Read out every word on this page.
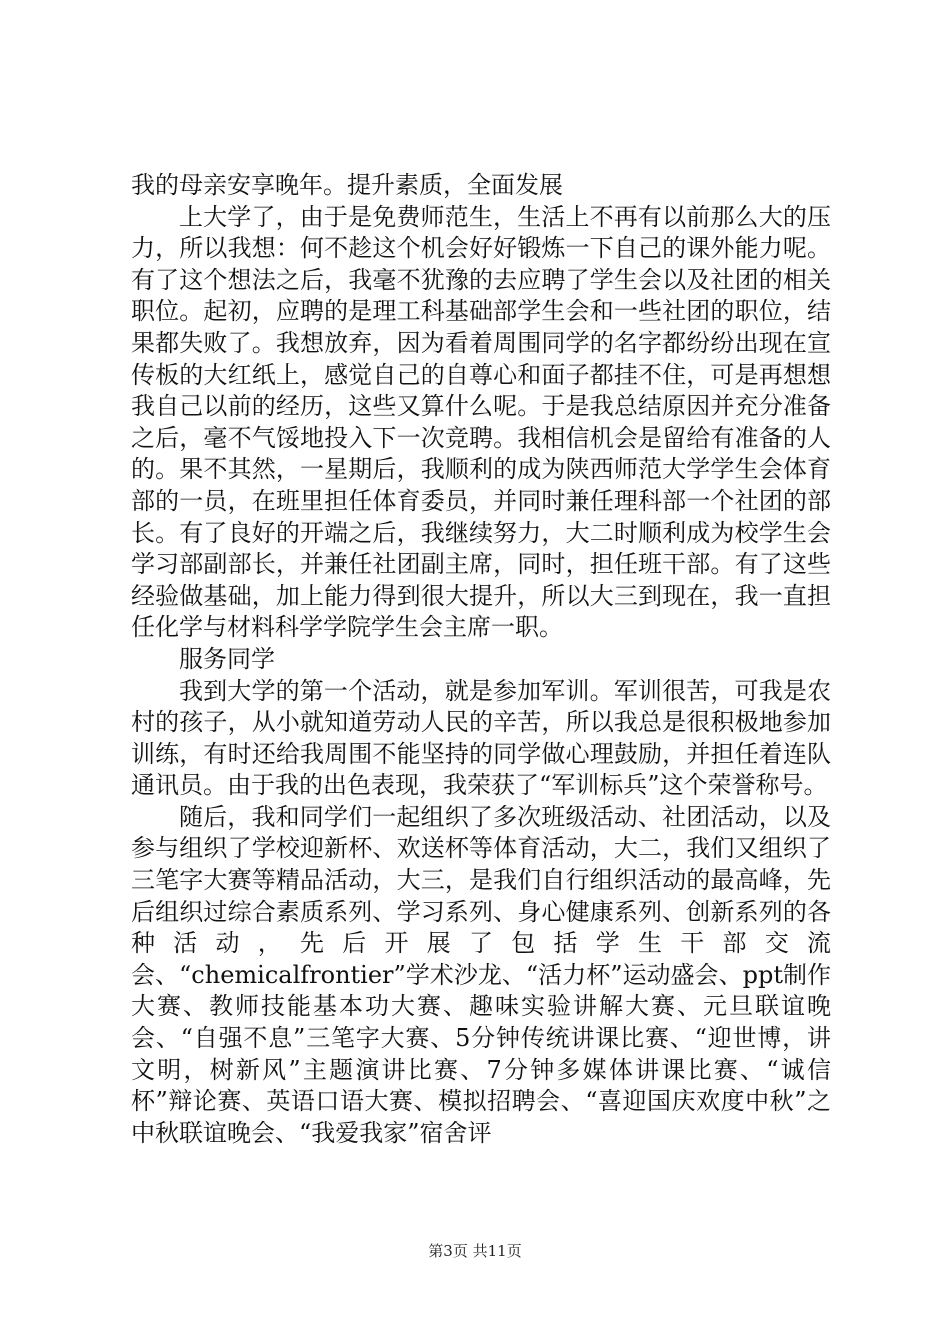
我的母亲安享晚年。提升素质，全面发展

上大学了，由于是免费师范生，生活上不再有以前那么大的压力，所以我想：何不趁这个机会好好锻炼一下自己的课外能力呢。有了这个想法之后，我毫不犹豫的去应聘了学生会以及社团的相关职位。起初，应聘的是理工科基础部学生会和一些社团的职位，结果都失败了。我想放弃，因为看着周围同学的名字都纷纷出现在宣传板的大红纸上，感觉自己的自尊心和面子都挂不住，可是再想想我自己以前的经历，这些又算什么呢。于是我总结原因并充分准备之后，毫不气馁地投入下一次竞聘。我相信机会是留给有准备的人的。果不其然，一星期后，我顺利的成为陕西师范大学学生会体育部的一员，在班里担任体育委员，并同时兼任理科部一个社团的部长。有了良好的开端之后，我继续努力，大二时顺利成为校学生会学习部副部长，并兼任社团副主席，同时，担任班干部。有了这些经验做基础，加上能力得到很大提升，所以大三到现在，我一直担任化学与材料科学学院学生会主席一职。

服务同学

我到大学的第一个活动，就是参加军训。军训很苦，可我是农村的孩子，从小就知道劳动人民的辛苦，所以我总是很积极地参加训练，有时还给我周围不能坚持的同学做心理鼓励，并担任着连队通讯员。由于我的出色表现，我荣获了“军训标兵”这个荣誉称号。

随后，我和同学们一起组织了多次班级活动、社团活动，以及参与组织了学校迎新杯、欢送杯等体育活动，大二，我们又组织了三笔字大赛等精品活动，大三，是我们自行组织活动的最高峰，先后组织过综合素质系列、学习系列、身心健康系列、创新系列的各种活动，先后开展了包括学生干部交流会、“chemicalfrontier”学术沙龙、“活力杯”运动盛会、ppt制作大赛、教师技能基本功大赛、趣味实验讲解大赛、元旦联谊晚会、“自强不息”三笔字大赛、5分钟传统讲课比赛、“迎世博，讲文明，树新风”主题演讲比赛、7分钟多媒体讲课比赛、“诚信杯”辩论赛、英语口语大赛、模拟招聘会、“喜迎国庆欢度中秋”之中秋联谊晚会、“我爱我家”宿舍评

第3页 共11页
